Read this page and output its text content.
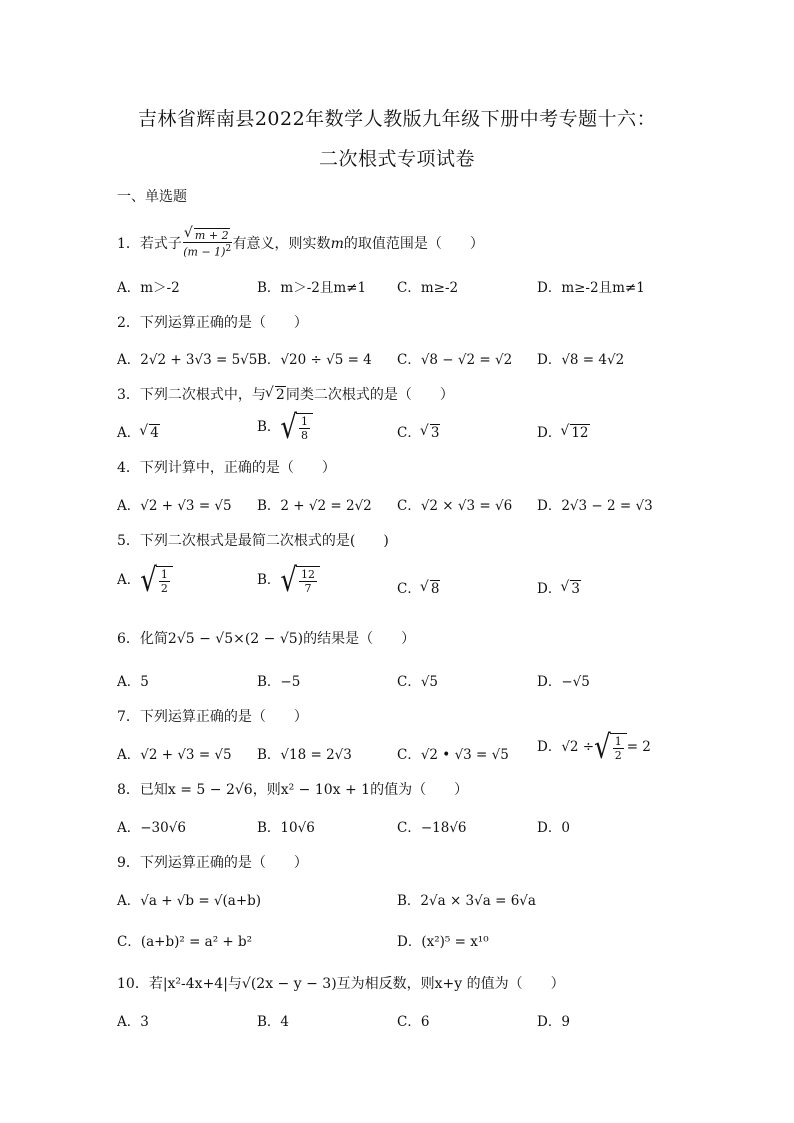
吉林省辉南县2022年数学人教版九年级下册中考专题十六：
二次根式专项试卷
一、单选题
1．若式子 √ $\frac{m + 2}{(m - 1)^2}$ 有意义，则实数m的取值范围是（　　）
A．m＞-2	B．m＞-2且m≠1 C．m≥-2	D．m≥-2且m≠1
2．下列运算正确的是（　　）
A．2√2 + 3√3 = 5√5 B．√20 ÷ √5 = 4 C．√8 − √2 = √2 D．√8 = 4√2
3．下列二次根式中，与 √ 2同类二次根式的是（　　）
A． √ 4	B． √ $\frac{1}{8}$	C． √ 3	D． √ 12
4．下列计算中，正确的是（　　）
A．√2 + √3 = √5 B．2 + √2 = 2√2 C．√2 × √3 = √6 D．2√3 − 2 = √3
5．下列二次根式是最简二次根式的是(　　)
A． √ $\frac{1}{2}$	B． √ $\frac{12}{7}$	C． √ 8	D． √ 3
6．化简2√5 − √5×(2 − √5)的结果是（　　）
A．5	B．−5	C．√5	D．−√5
7．下列运算正确的是（　　）
A．√2 + √3 = √5 B．√18 = 2√3	C．√2 • √3 = √5 D．√2 ÷ √ $\frac{1}{2} = 2$
8．已知x = 5 − 2√6，则x² − 10x + 1的值为（　　）
A．−30√6	B．10√6	C．−18√6	D．0
9．下列运算正确的是（　　）
A．√a + √b = √(a+b)	B．2√a × 3√a = 6√a
C．(a+b)² = a² + b²	D．(x²)⁵ = x¹⁰
10．若|x²-4x+4|与√(2x − y − 3)互为相反数，则x+y 的值为（　　）
A．3	B．4	C．6	D．9
